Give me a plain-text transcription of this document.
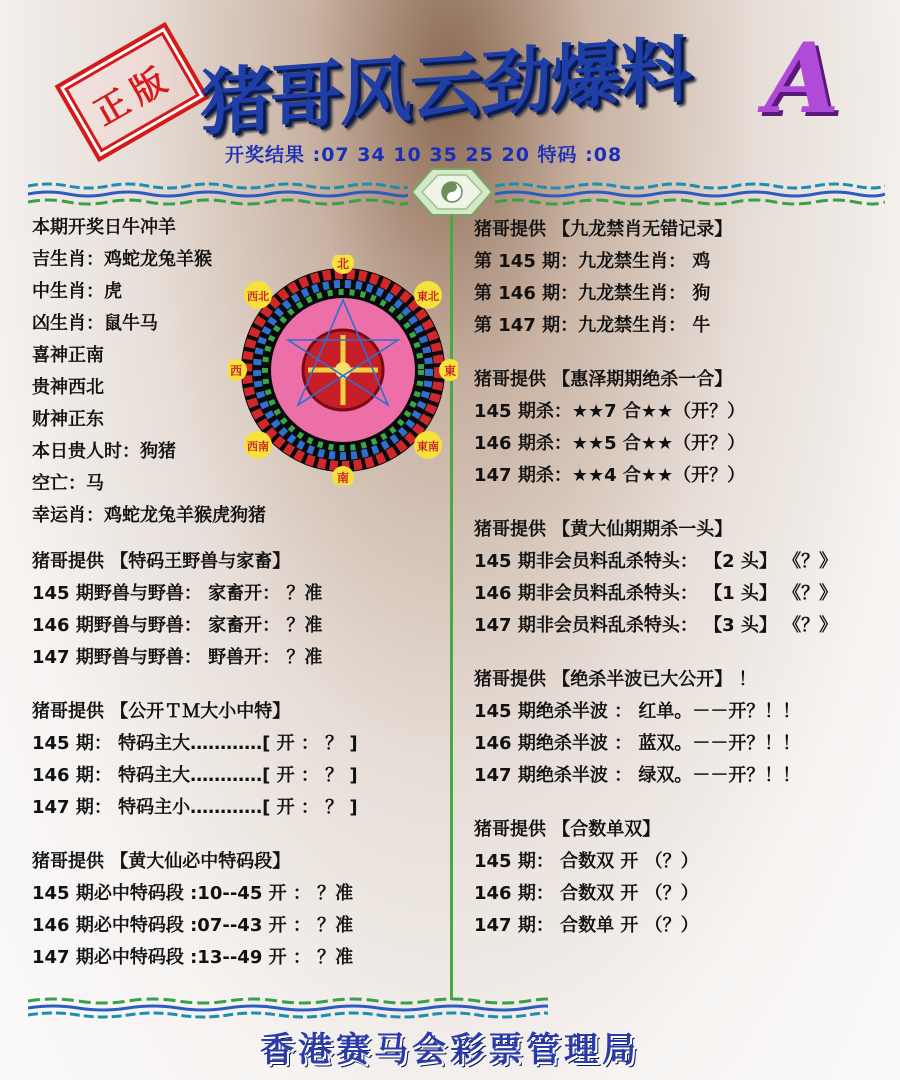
正版 猪哥风云劲爆料 A
开奖结果 :07 34 10 35 25 20 特码 :08
本期开奖日牛冲羊
吉生肖：鸡蛇龙兔羊猴
中生肖：虎
凶生肖：鼠牛马
喜神正南
贵神西北
财神正东
本日贵人时：狗猪
空亡：马
幸运肖：鸡蛇龙兔羊猴虎狗猪
北
南
西	東
西北	東北
西南	東南
猪哥提供 【特码王野兽与家畜】
145 期野兽与野兽： 家畜开： ？准
146 期野兽与野兽： 家畜开： ？准
147 期野兽与野兽： 野兽开： ？准
猪哥提供 【公开ＴＭ大小中特】
145 期： 特码主大…………[ 开 ： ？ ]
146 期： 特码主大…………[ 开 ： ？ ]
147 期： 特码主小…………[ 开 ： ？ ]
猪哥提供 【黄大仙必中特码段】
145 期必中特码段 :10--45 开 ： ？准
146 期必中特码段 :07--43 开 ： ？准
147 期必中特码段 :13--49 开 ： ？准
猪哥提供 【九龙禁肖无错记录】
第 145 期：九龙禁生肖： 鸡
第 146 期：九龙禁生肖： 狗
第 147 期：九龙禁生肖： 牛
猪哥提供 【惠泽期期绝杀一合】
145 期杀：★★7 合★★（开？）
146 期杀：★★5 合★★（开？）
147 期杀：★★4 合★★（开？）
猪哥提供 【黄大仙期期杀一头】
145 期非会员料乱杀特头： 【2 头】 《？》
146 期非会员料乱杀特头： 【1 头】 《？》
147 期非会员料乱杀特头： 【3 头】 《？》
猪哥提供 【绝杀半波已大公开】 ！
145 期绝杀半波 ： 红单。－－开？！！
146 期绝杀半波 ： 蓝双。－－开？！！
147 期绝杀半波 ： 绿双。－－开？！！
猪哥提供 【合数单双】
145 期： 合数双 开 （？）
146 期： 合数双 开 （？）
147 期： 合数单 开 （？）
香港赛马会彩票管理局
